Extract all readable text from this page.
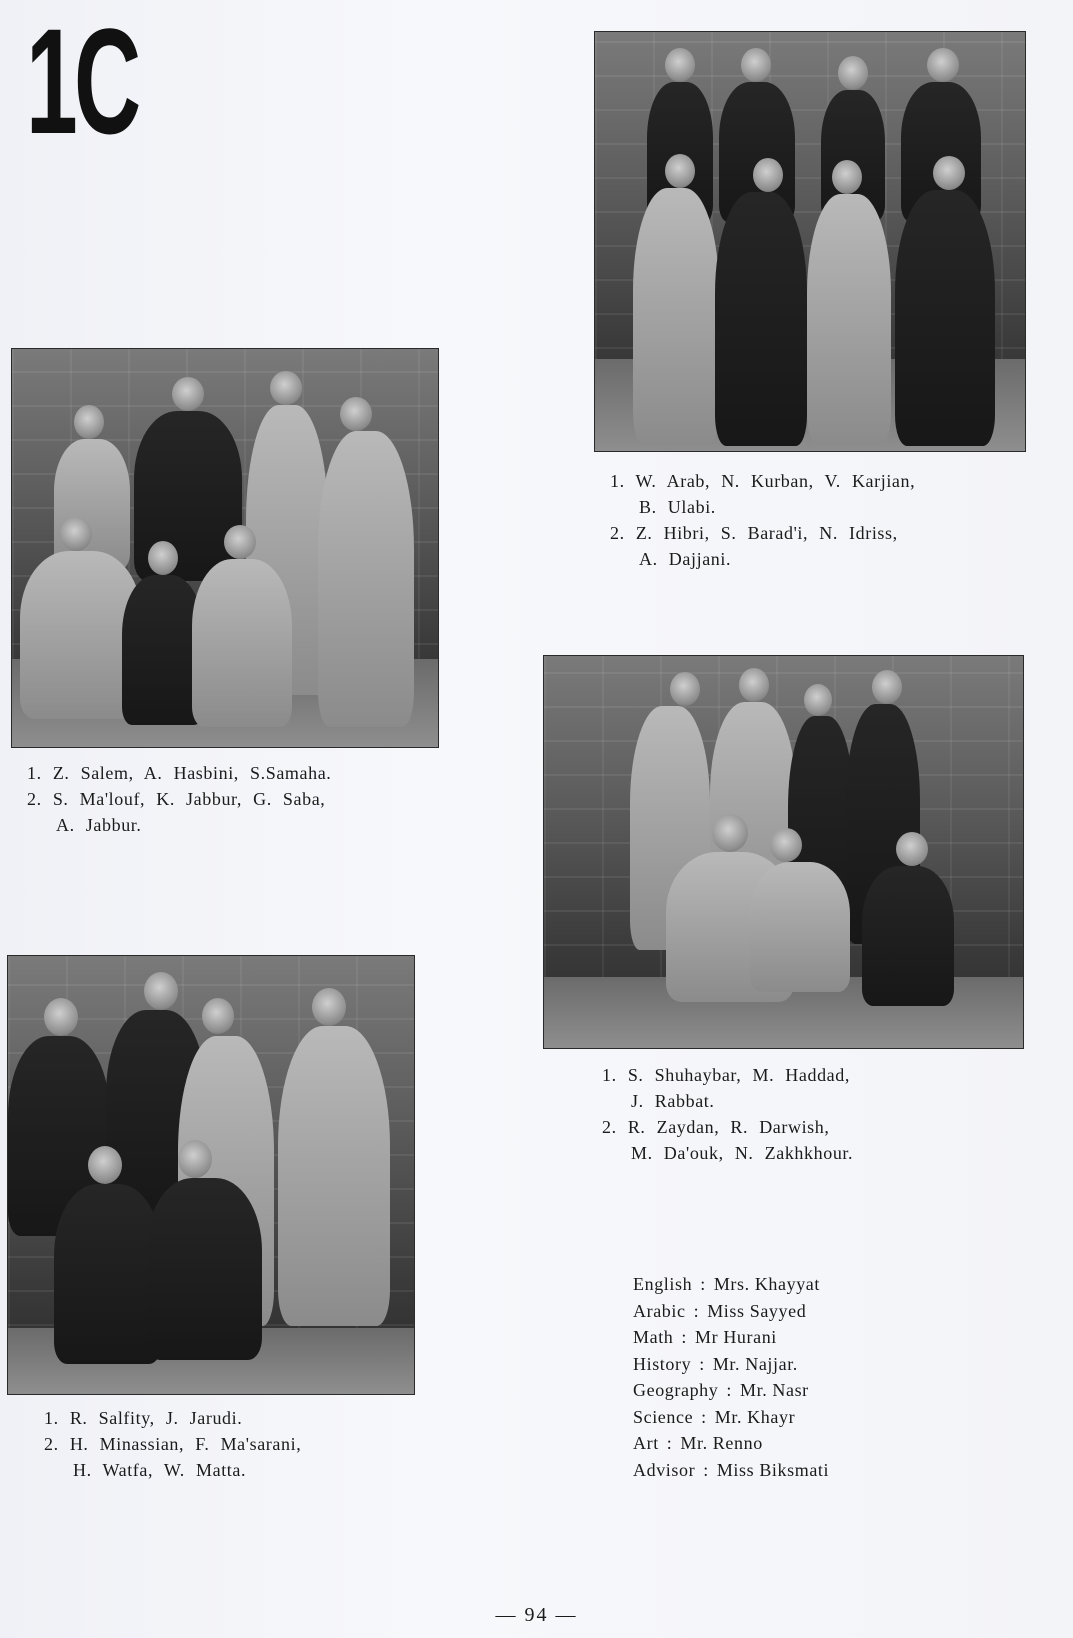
1C
1. W. Arab, N. Kurban, V. Karjian,
B. Ulabi.
2. Z. Hibri, S. Barad'i, N. Idriss,
A. Dajjani.
1. Z. Salem, A. Hasbini, S.Samaha.
2. S. Ma'louf, K. Jabbur, G. Saba,
A. Jabbur.
1. S. Shuhaybar, M. Haddad,
J. Rabbat.
2. R. Zaydan, R. Darwish,
M. Da'ouk, N. Zakhkhour.
1. R. Salfity, J. Jarudi.
2. H. Minassian, F. Ma'sarani,
H. Watfa, W. Matta.
English : Mrs. Khayyat
Arabic : Miss Sayyed
Math : Mr Hurani
History : Mr. Najjar.
Geography : Mr. Nasr
Science : Mr. Khayr
Art : Mr. Renno
Advisor : Miss Biksmati
— 94 —
